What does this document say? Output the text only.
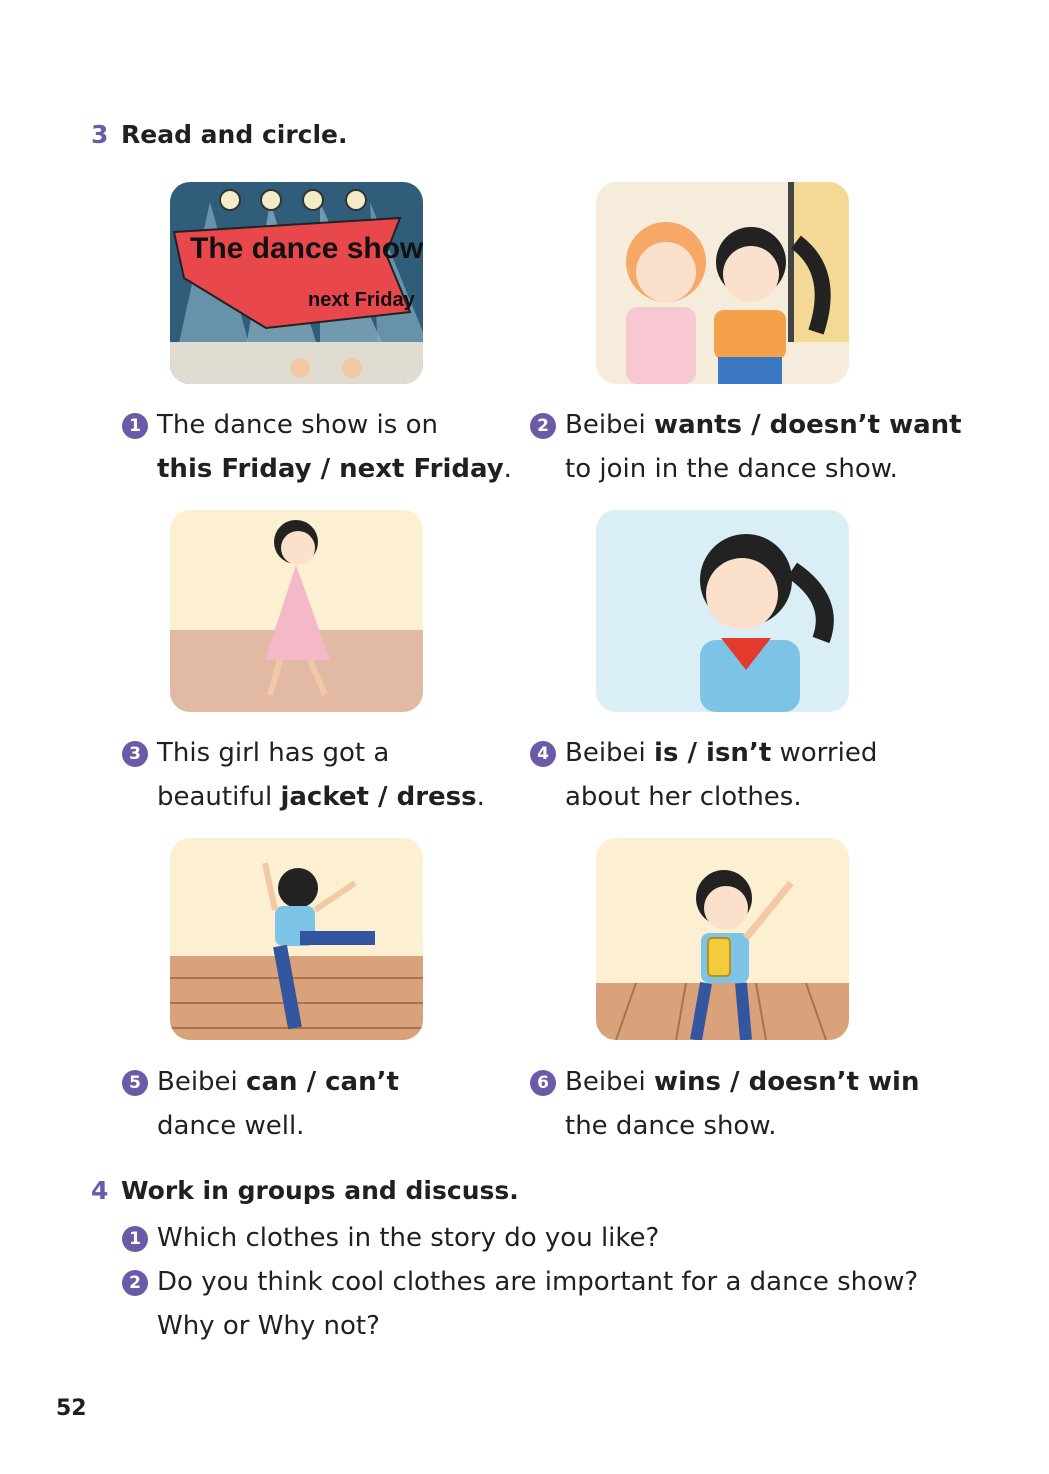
3 Read and circle.
The dance show
next Friday
1 The dance show is on
this Friday / next Friday.
2 Beibei wants / doesn’t want
to join in the dance show.
3 This girl has got a
beautiful jacket / dress.
4 Beibei is / isn’t worried
about her clothes.
5 Beibei can / can’t
dance well.
6 Beibei wins / doesn’t win
the dance show.
4 Work in groups and discuss.
1 Which clothes in the story do you like?
2 Do you think cool clothes are important for a dance show?
Why or Why not?
52
